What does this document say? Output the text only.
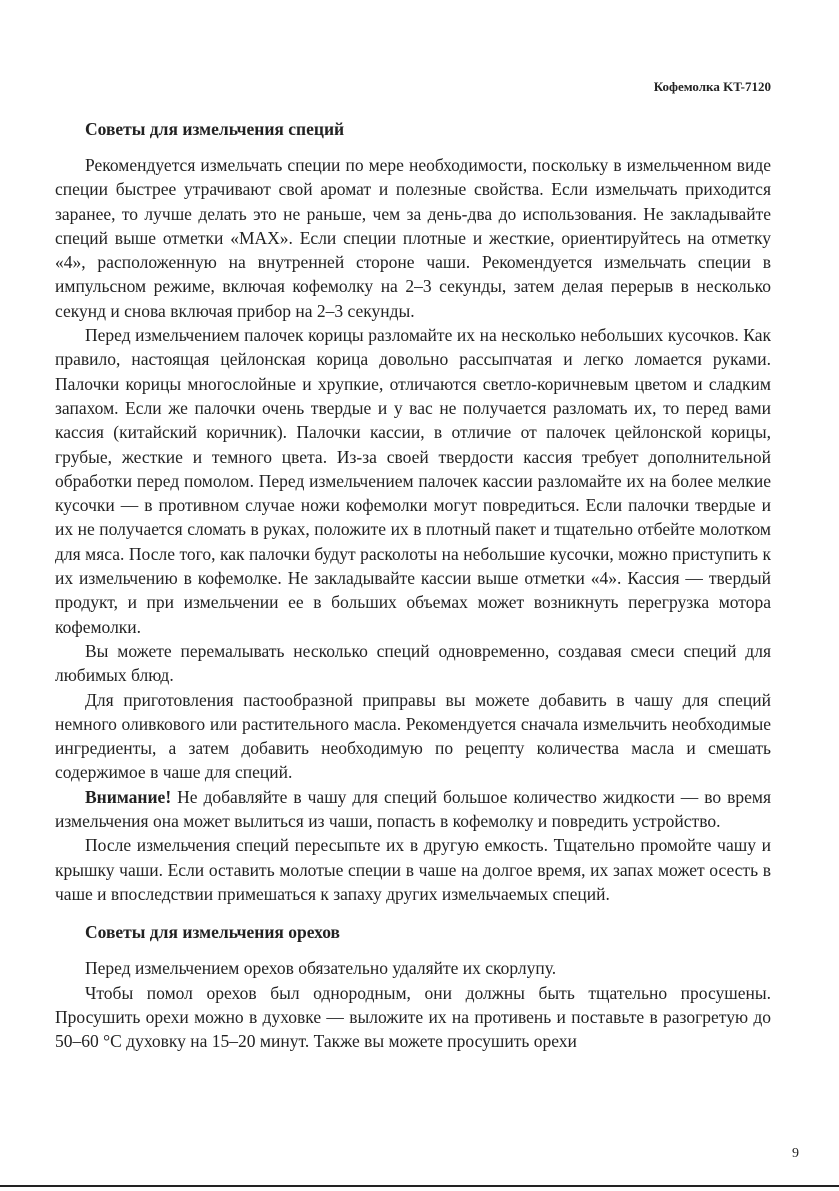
Кофемолка KT-7120
Советы для измельчения специй

Рекомендуется измельчать специи по мере необходимости, поскольку в измельченном виде специи быстрее утрачивают свой аромат и полезные свойства. Если измельчать приходится заранее, то лучше делать это не раньше, чем за день-два до использования. Не закладывайте специй выше отметки «MAX». Если специи плотные и жесткие, ориентируйтесь на отметку «4», расположенную на внутренней стороне чаши. Рекомендуется измельчать специи в импульсном режиме, включая кофемолку на 2–3 секунды, затем делая перерыв в несколько секунд и снова включая прибор на 2–3 секунды.

Перед измельчением палочек корицы разломайте их на несколько небольших кусочков. Как правило, настоящая цейлонская корица довольно рассыпчатая и легко ломается руками. Палочки корицы многослойные и хрупкие, отличаются светло-коричневым цветом и сладким запахом. Если же палочки очень твердые и у вас не получается разломать их, то перед вами кассия (китайский коричник). Палочки кассии, в отличие от палочек цейлонской корицы, грубые, жесткие и темного цвета. Из-за своей твердости кассия требует дополнительной обработки перед помолом. Перед измельчением палочек кассии разломайте их на более мелкие кусочки — в противном случае ножи кофемолки могут повредиться. Если палочки твердые и их не получается сломать в руках, положите их в плотный пакет и тщательно отбейте молотком для мяса. После того, как палочки будут расколоты на небольшие кусочки, можно приступить к их измельчению в кофемолке. Не закладывайте кассии выше отметки «4». Кассия — твердый продукт, и при измельчении ее в больших объемах может возникнуть перегрузка мотора кофемолки.

Вы можете перемалывать несколько специй одновременно, создавая смеси специй для любимых блюд.

Для приготовления пастообразной приправы вы можете добавить в чашу для специй немного оливкового или растительного масла. Рекомендуется сначала измельчить необходимые ингредиенты, а затем добавить необходимую по рецепту количества масла и смешать содержимое в чаше для специй.

Внимание! Не добавляйте в чашу для специй большое количество жидкости — во время измельчения она может вылиться из чаши, попасть в кофемолку и повредить устройство.

После измельчения специй пересыпьте их в другую емкость. Тщательно промойте чашу и крышку чаши. Если оставить молотые специи в чаше на долгое время, их запах может осесть в чаше и впоследствии примешаться к запаху других измельчаемых специй.

Советы для измельчения орехов

Перед измельчением орехов обязательно удаляйте их скорлупу.

Чтобы помол орехов был однородным, они должны быть тщательно просушены. Просушить орехи можно в духовке — выложите их на противень и поставьте в разогретую до 50–60 °С духовку на 15–20 минут. Также вы можете просушить орехи

9
